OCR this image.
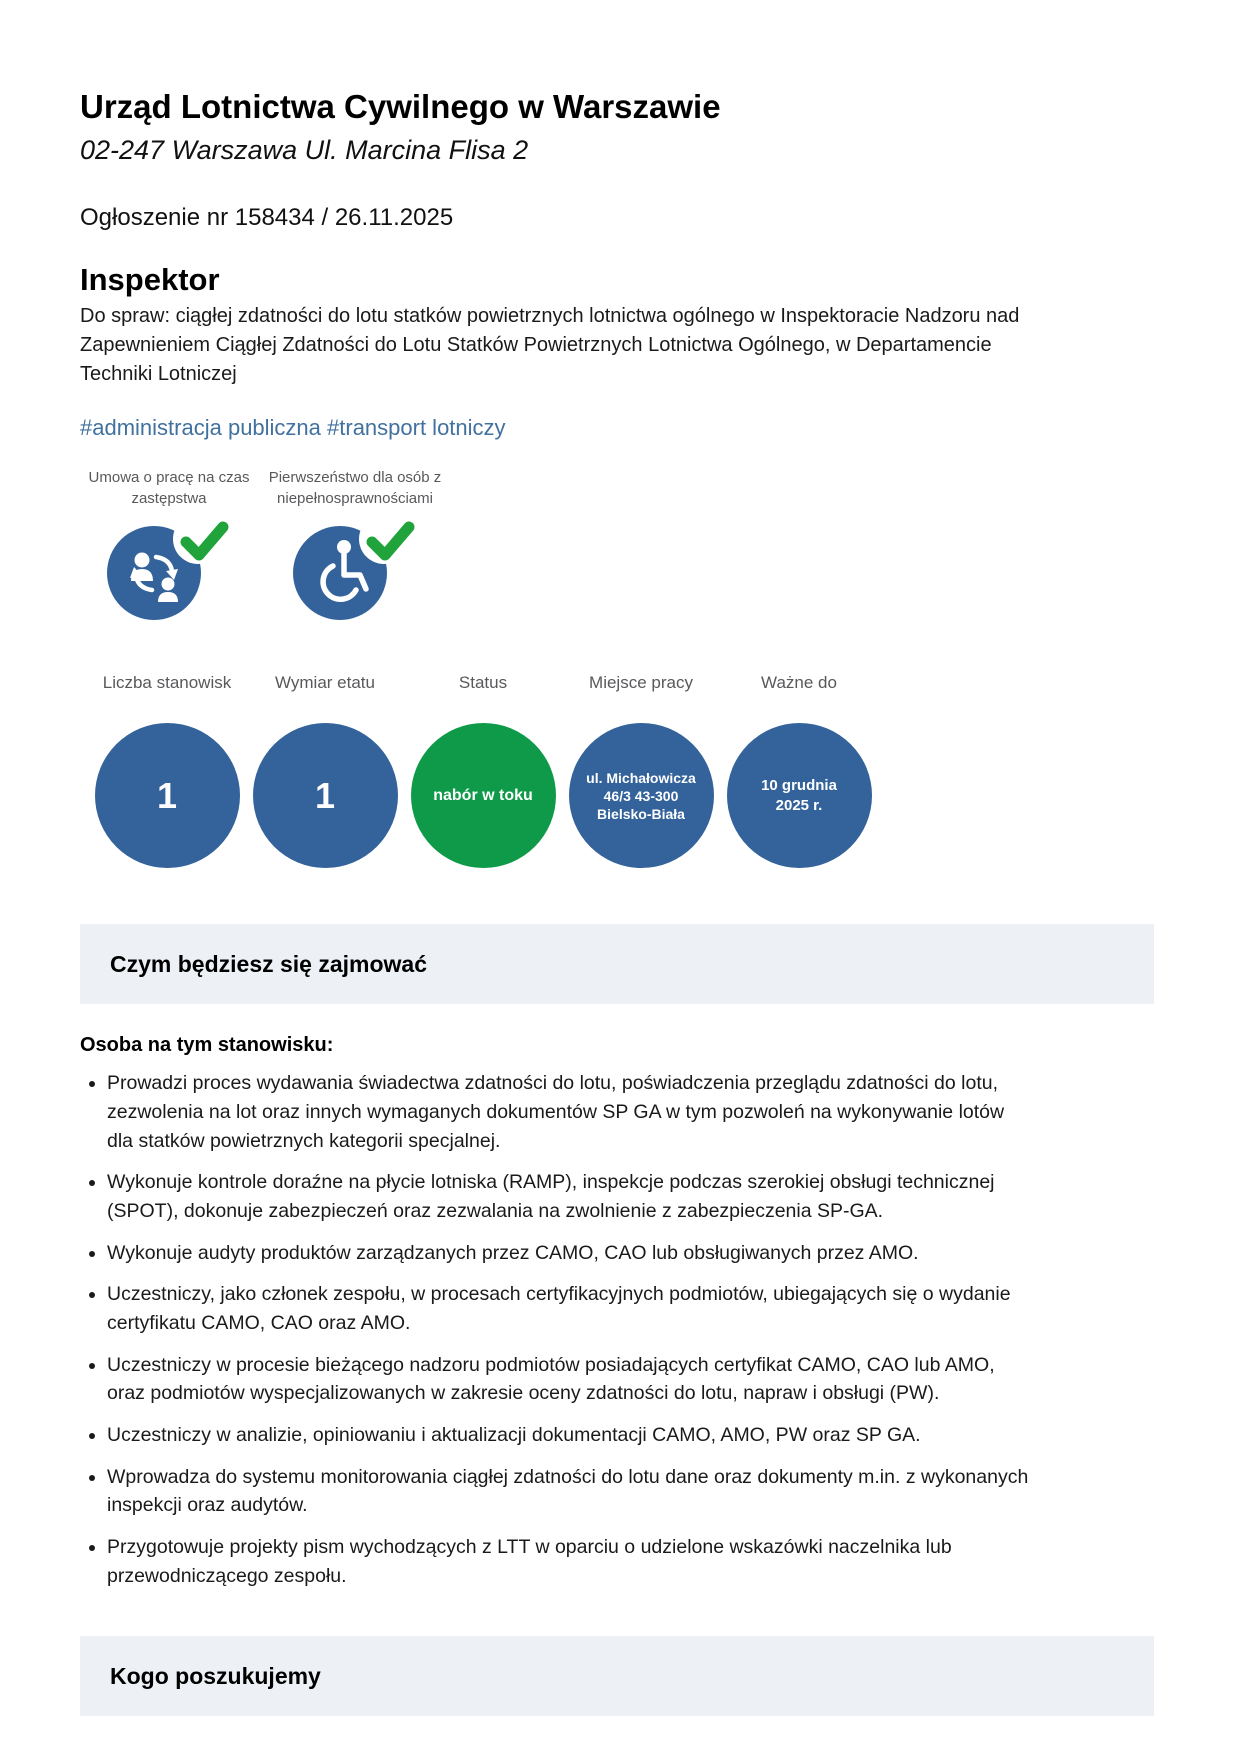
Urząd Lotnictwa Cywilnego w Warszawie

02-247 Warszawa Ul. Marcina Flisa 2

Ogłoszenie nr 158434 / 26.11.2025

Inspektor

Do spraw: ciągłej zdatności do lotu statków powietrznych lotnictwa ogólnego w Inspektoracie Nadzoru nad Zapewnieniem Ciągłej Zdatności do Lotu Statków Powietrznych Lotnictwa Ogólnego, w Departamencie Techniki Lotniczej

#administracja publiczna #transport lotniczy
Umowa o pracę na czas zastępstwa
Pierwszeństwo dla osób z niepełnosprawnościami
Liczba stanowisk
1
Wymiar etatu
1
Status
nabór w toku
Miejsce pracy
ul. Michałowicza 46/3 43-300 Bielsko-Biała
Ważne do
10 grudnia 2025 r.
Czym będziesz się zajmować
Osoba na tym stanowisku:
• Prowadzi proces wydawania świadectwa zdatności do lotu, poświadczenia przeglądu zdatności do lotu, zezwolenia na lot oraz innych wymaganych dokumentów SP GA w tym pozwoleń na wykonywanie lotów dla statków powietrznych kategorii specjalnej.
• Wykonuje kontrole doraźne na płycie lotniska (RAMP), inspekcje podczas szerokiej obsługi technicznej (SPOT), dokonuje zabezpieczeń oraz zezwalania na zwolnienie z zabezpieczenia SP-GA.
• Wykonuje audyty produktów zarządzanych przez CAMO, CAO lub obsługiwanych przez AMO.
• Uczestniczy, jako członek zespołu, w procesach certyfikacyjnych podmiotów, ubiegających się o wydanie certyfikatu CAMO, CAO oraz AMO.
• Uczestniczy w procesie bieżącego nadzoru podmiotów posiadających certyfikat CAMO, CAO lub AMO, oraz podmiotów wyspecjalizowanych w zakresie oceny zdatności do lotu, napraw i obsługi (PW).
• Uczestniczy w analizie, opiniowaniu i aktualizacji dokumentacji CAMO, AMO, PW oraz SP GA.
• Wprowadza do systemu monitorowania ciągłej zdatności do lotu dane oraz dokumenty m.in. z wykonanych inspekcji oraz audytów.
• Przygotowuje projekty pism wychodzących z LTT w oparciu o udzielone wskazówki naczelnika lub przewodniczącego zespołu.
Kogo poszukujemy
